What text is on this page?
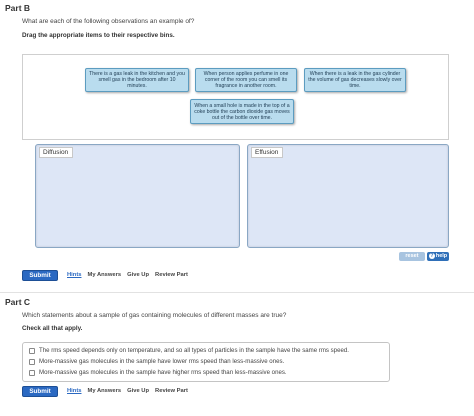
Part B
What are each of the following observations an example of?
Drag the appropriate items to their respective bins.
There is a gas leak in the kitchen and you smell gas in the bedroom after 10 minutes.
When person applies perfume in one corner of the room you can smell its fragrance in another room.
When there is a leak in the gas cylinder the volume of gas decreases slowly over time.
When a small hole is made in the top of a coke bottle the carbon dioxide gas moves out of the bottle over time.
Diffusion	Effusion
reset	? help
Submit	Hints My Answers Give Up Review Part
Part C
Which statements about a sample of gas containing molecules of different masses are true?
Check all that apply.
The rms speed depends only on temperature, and so all types of particles in the sample have the same rms speed.
More-massive gas molecules in the sample have lower rms speed than less-massive ones.
More-massive gas molecules in the sample have higher rms speed than less-massive ones.
Submit	Hints My Answers Give Up Review Part
